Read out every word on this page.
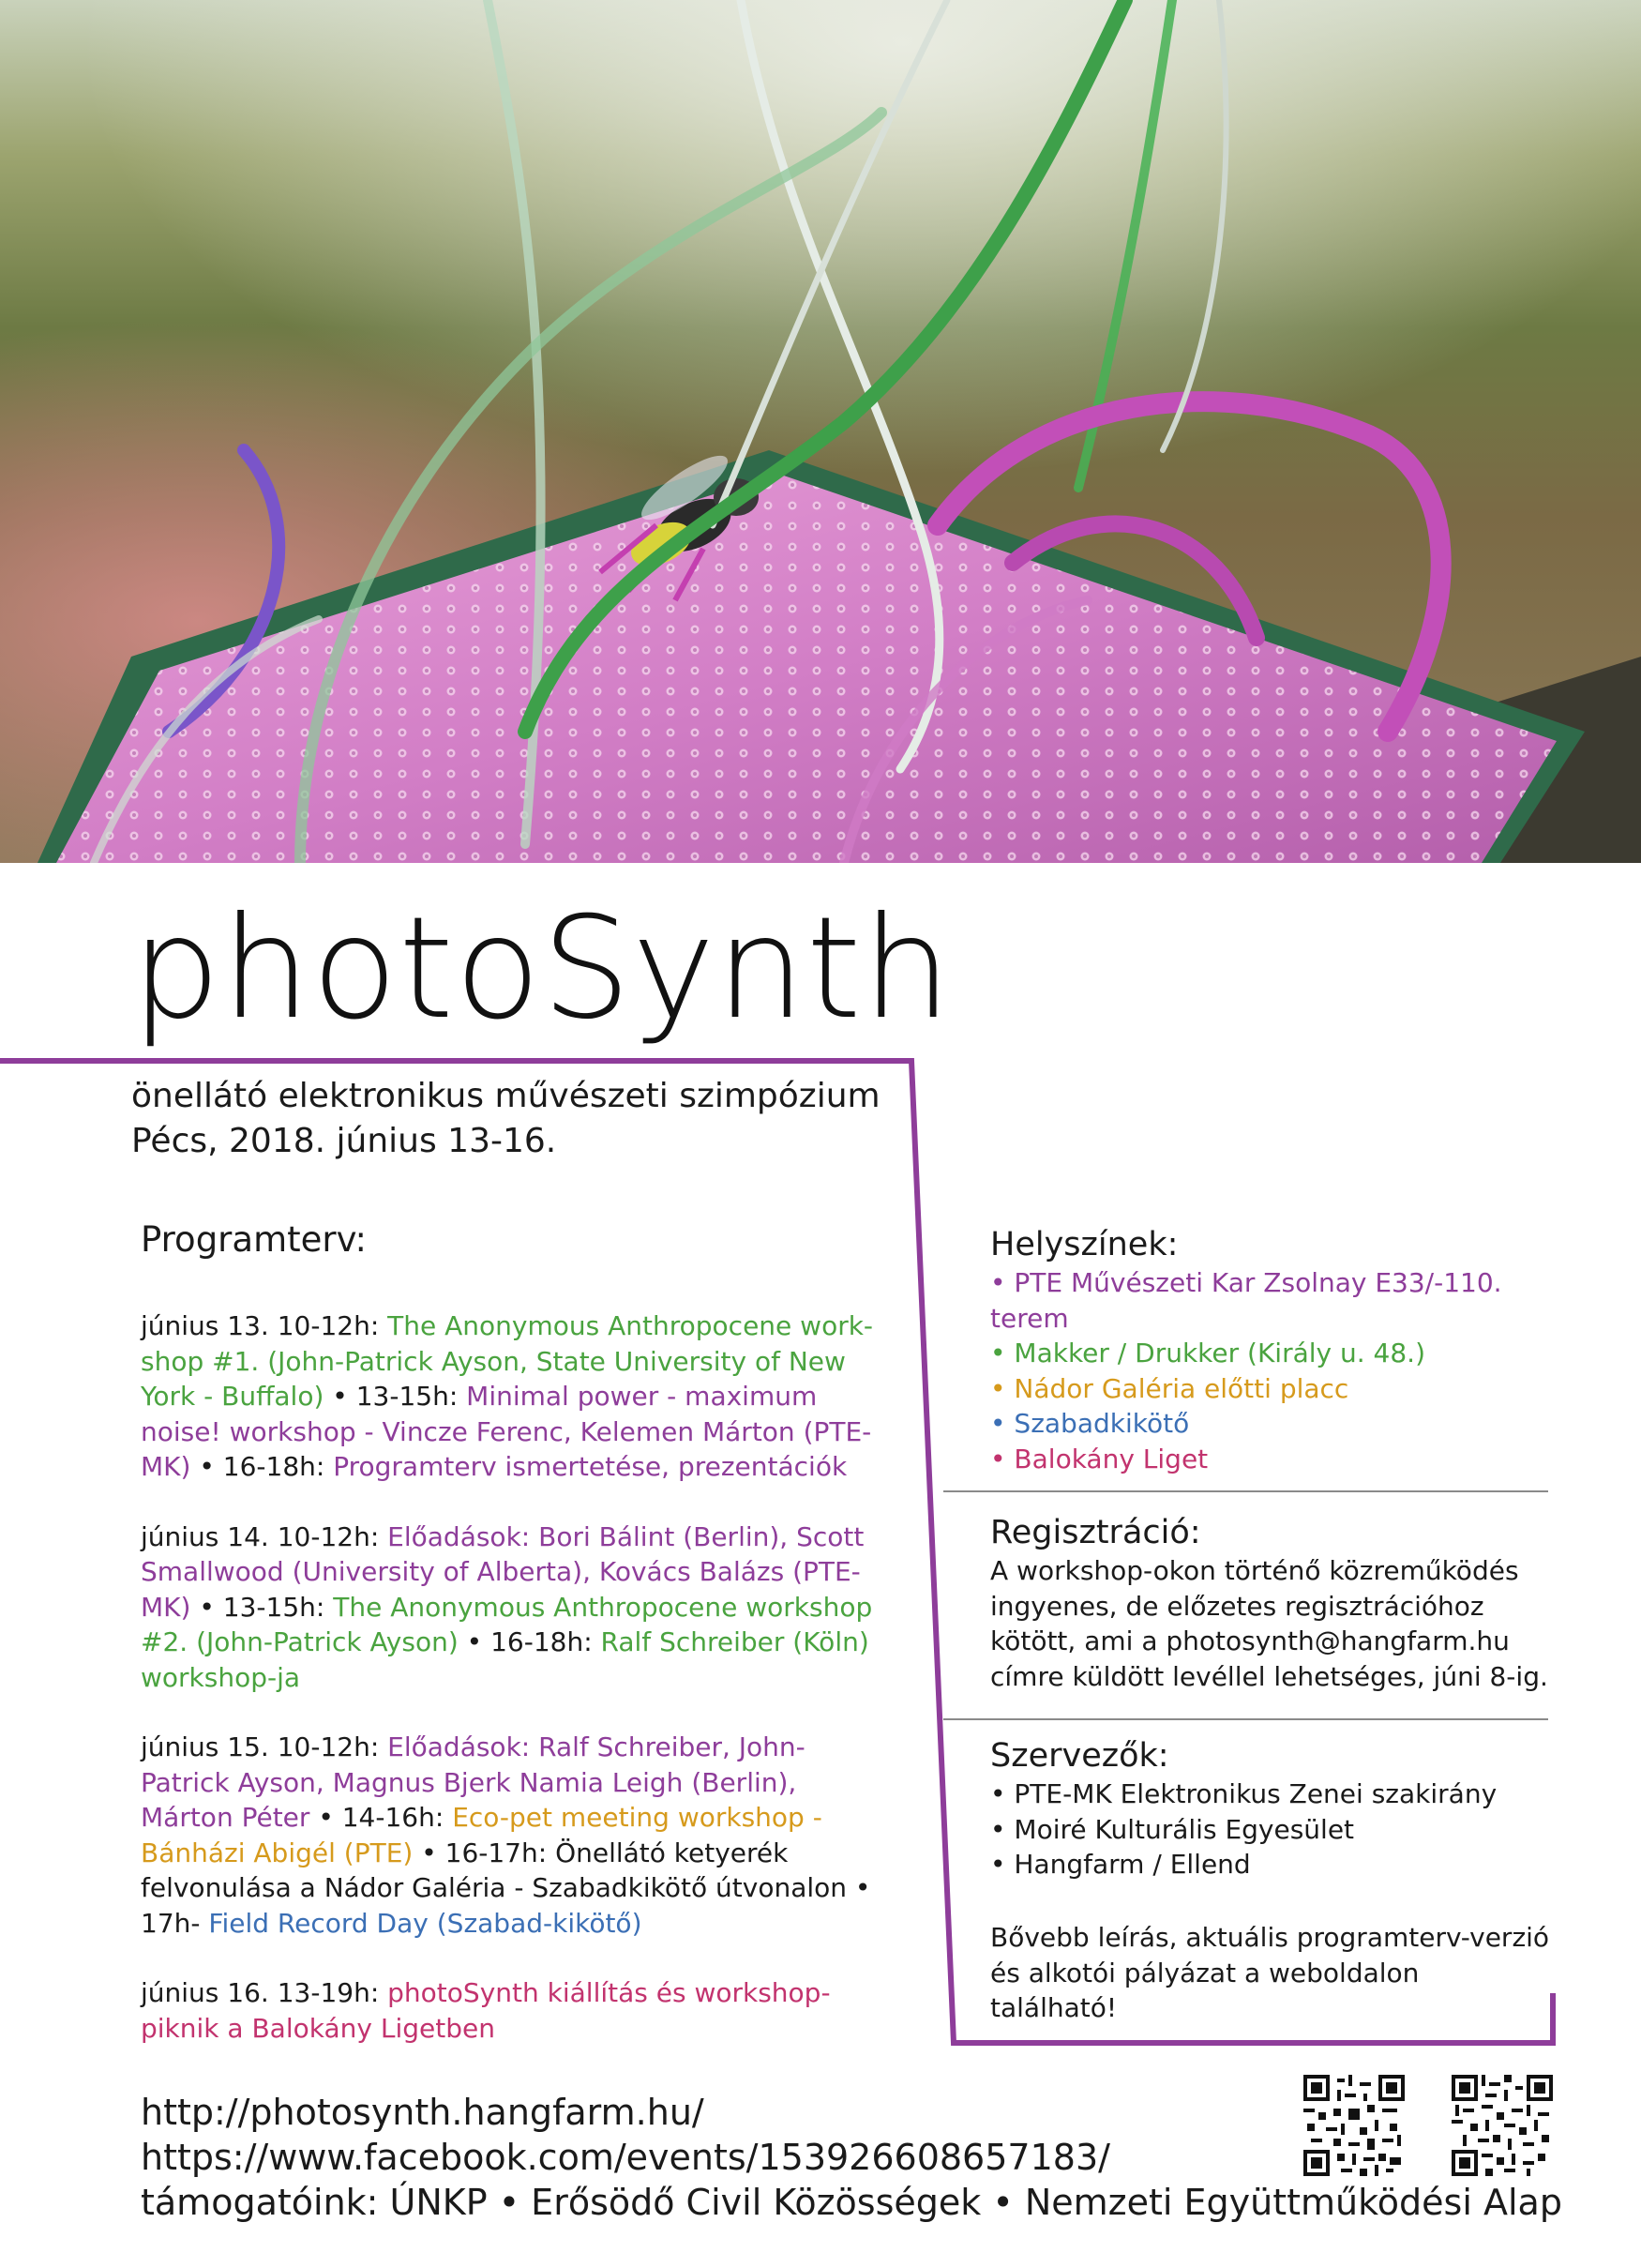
photoSynth
önellátó elektronikus művészeti szimpózium
Pécs, 2018. június 13-16.
Programterv:
június 13. 10-12h: The Anonymous Anthropocene work-shop #1. (John-Patrick Ayson, State University of New York - Buffalo) • 13-15h: Minimal power - maximum noise! workshop - Vincze Ferenc, Kelemen Márton (PTE-MK) • 16-18h: Programterv ismertetése, prezentációk
június 14. 10-12h: Előadások: Bori Bálint (Berlin), Scott Smallwood (University of Alberta), Kovács Balázs (PTE-MK) • 13-15h: The Anonymous Anthropocene workshop #2. (John-Patrick Ayson) • 16-18h: Ralf Schreiber (Köln) workshop-ja
június 15. 10-12h: Előadások: Ralf Schreiber, John-Patrick Ayson, Magnus Bjerk Namia Leigh (Berlin), Márton Péter • 14-16h: Eco-pet meeting workshop - Bánházi Abigél (PTE) • 16-17h: Önellátó ketyerék felvonulása a Nádor Galéria - Szabadkikötő útvonalon • 17h- Field Record Day (Szabad-kikötő)
június 16. 13-19h: photoSynth kiállítás és workshop-piknik a Balokány Ligetben
Helyszínek:
• PTE Művészeti Kar Zsolnay E33/-110. terem
• Makker / Drukker (Király u. 48.)
• Nádor Galéria előtti placc
• Szabadkikötő
• Balokány Liget
Regisztráció:
A workshop-okon történő közreműködés ingyenes, de előzetes regisztrációhoz kötött, ami a photosynth@hangfarm.hu címre küldött levéllel lehetséges, júni 8-ig.
Szervezők:
• PTE-MK Elektronikus Zenei szakirány
• Moiré Kulturális Egyesület
• Hangfarm / Ellend
Bővebb leírás, aktuális programterv-verzió és alkotói pályázat a weboldalon található!
http://photosynth.hangfarm.hu/
https://www.facebook.com/events/153926608657183/
támogatóink: ÚNKP • Erősödő Civil Közösségek • Nemzeti Együttműködési Alap
